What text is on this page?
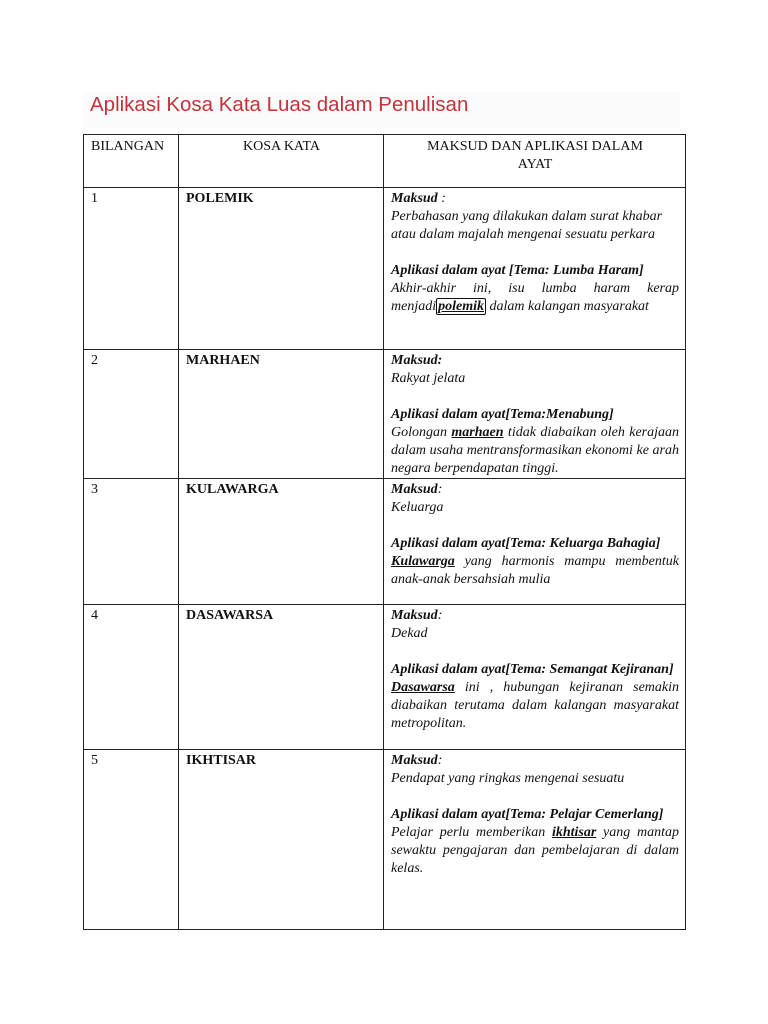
Aplikasi Kosa Kata Luas dalam Penulisan
BILANGAN	KOSA KATA	MAKSUD DAN APLIKASI DALAM
AYAT
1	POLEMIK	Maksud :
Perbahasan yang dilakukan dalam surat khabar atau dalam majalah mengenai sesuatu perkara
Aplikasi dalam ayat [Tema: Lumba Haram]
Akhir-akhir ini, isu lumba haram kerap menjadi polemik dalam kalangan masyarakat

2	MARHAEN	Maksud:
Rakyat jelata
Aplikasi dalam ayat[Tema:Menabung]
Golongan marhaen tidak diabaikan oleh kerajaan dalam usaha mentransformasikan ekonomi ke arah negara berpendapatan tinggi.

3	KULAWARGA	Maksud:
Keluarga
Aplikasi dalam ayat[Tema: Keluarga Bahagia]
Kulawarga yang harmonis mampu membentuk anak-anak bersahsiah mulia

4	DASAWARSA	Maksud:
Dekad
Aplikasi dalam ayat[Tema: Semangat Kejiranan]
Dasawarsa ini , hubungan kejiranan semakin diabaikan terutama dalam kalangan masyarakat metropolitan.

5	IKHTISAR	Maksud:
Pendapat yang ringkas mengenai sesuatu
Aplikasi dalam ayat[Tema: Pelajar Cemerlang]
Pelajar perlu memberikan ikhtisar yang mantap sewaktu pengajaran dan pembelajaran di dalam kelas.
